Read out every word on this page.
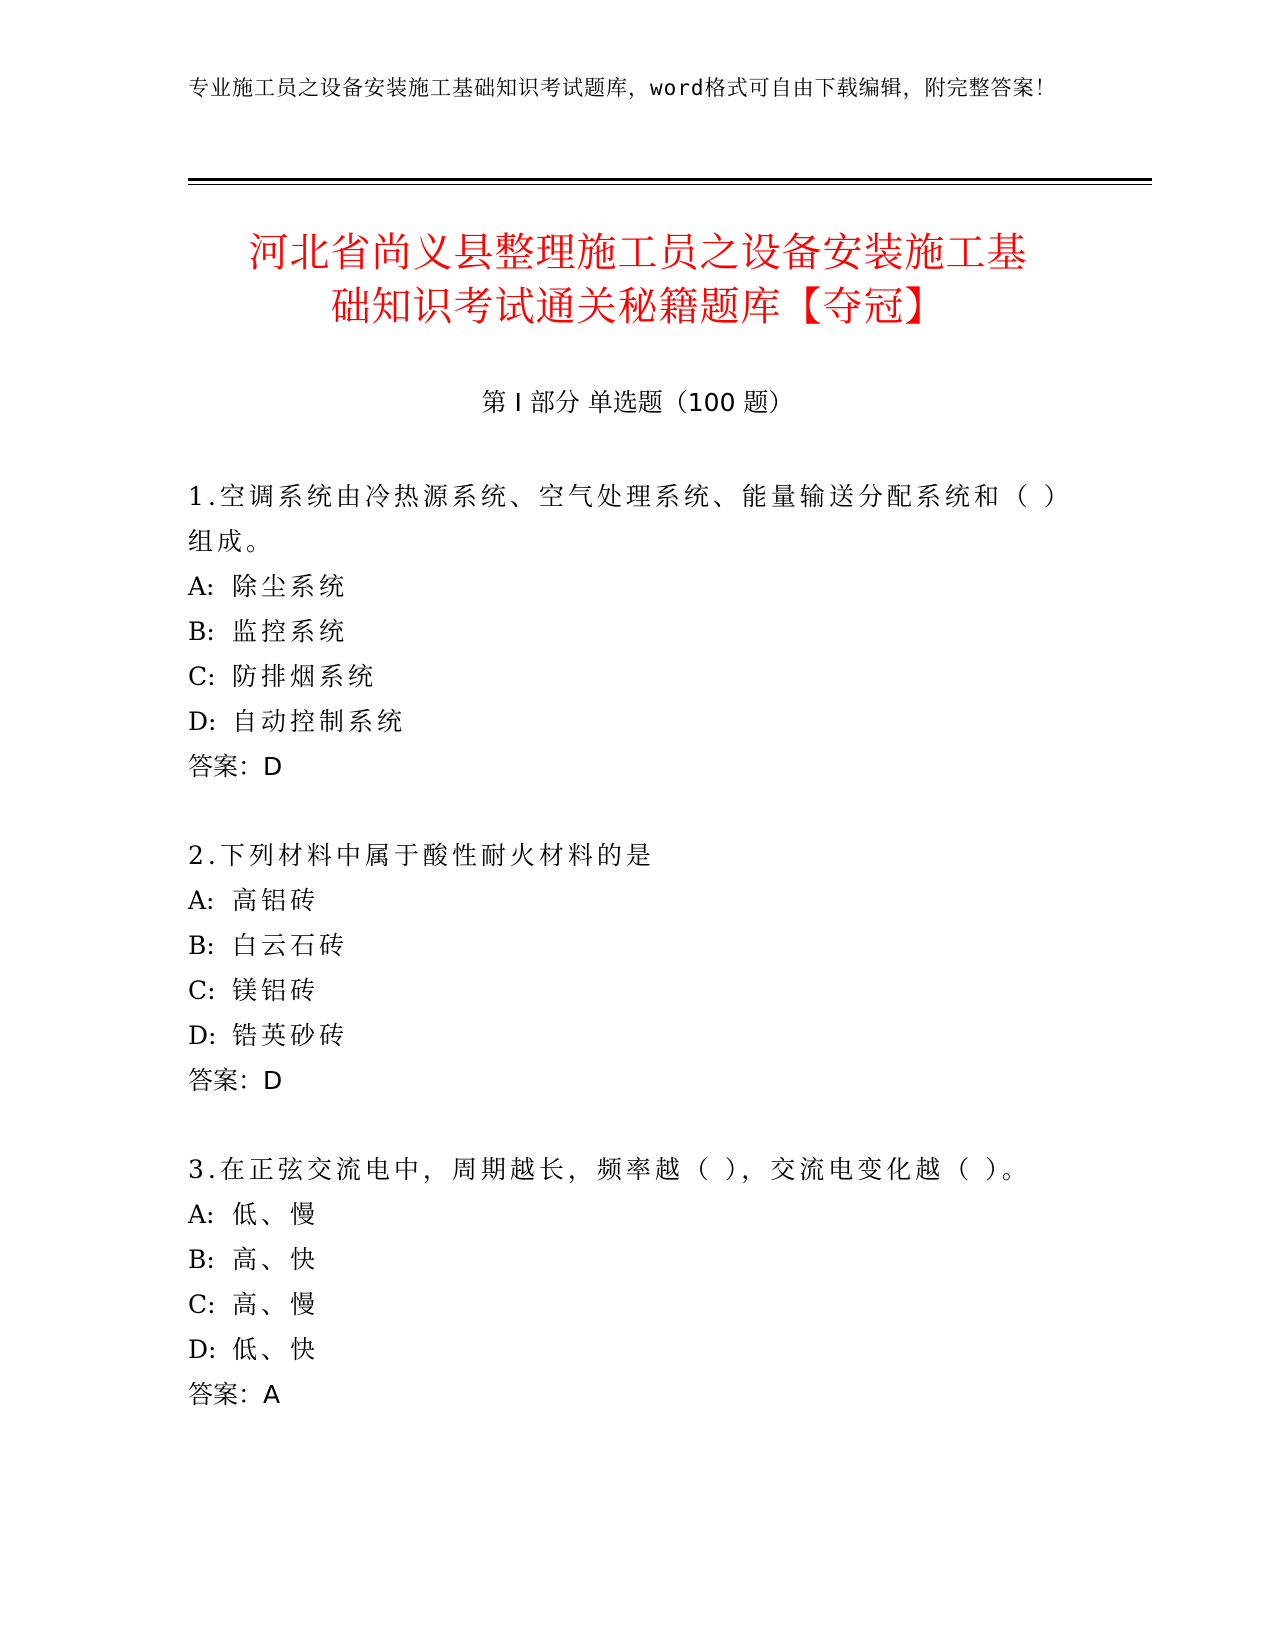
专业施工员之设备安装施工基础知识考试题库，word格式可自由下载编辑，附完整答案！
河北省尚义县整理施工员之设备安装施工基
础知识考试通关秘籍题库【夺冠】
第 I 部分 单选题（100 题）
1.空调系统由冷热源系统、空气处理系统、能量输送分配系统和（ ）
组成。
A: 除尘系统
B: 监控系统
C: 防排烟系统
D: 自动控制系统
答案：D
2.下列材料中属于酸性耐火材料的是
A: 高铝砖
B: 白云石砖
C: 镁铝砖
D: 锆英砂砖
答案：D
3.在正弦交流电中，周期越长，频率越（ ），交流电变化越（ ）。
A: 低、慢
B: 高、快
C: 高、慢
D: 低、快
答案：A
